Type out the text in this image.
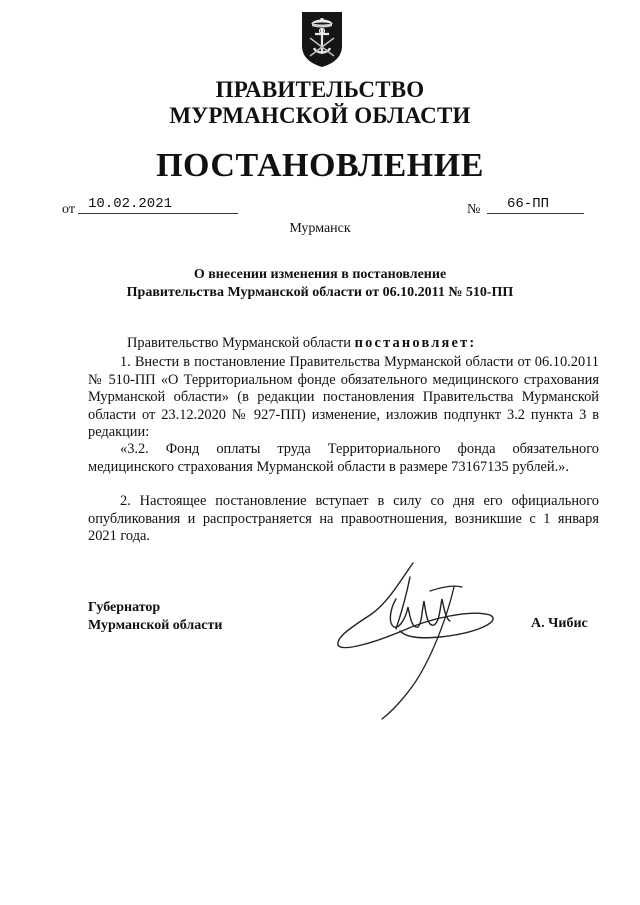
ПРАВИТЕЛЬСТВО
МУРМАНСКОЙ ОБЛАСТИ
ПОСТАНОВЛЕНИЕ
от 10.02.2021	№	66-ПП
Мурманск
О внесении изменения в постановление
Правительства Мурманской области от 06.10.2011 № 510-ПП
Правительство Мурманской области постановляет:
1. Внести в постановление Правительства Мурманской области от 06.10.2011 № 510-ПП «О Территориальном фонде обязательного медицинского страхования Мурманской области» (в редакции постановления Правительства Мурманской области от 23.12.2020 № 927-ПП) изменение, изложив подпункт 3.2 пункта 3 в редакции:
«3.2. Фонд оплаты труда Территориального фонда обязательного медицинского страхования Мурманской области в размере 73167135 рублей.».
2. Настоящее постановление вступает в силу со дня его официального опубликования и распространяется на правоотношения, возникшие с 1 января 2021 года.
Губернатор
Мурманской области	А. Чибис
